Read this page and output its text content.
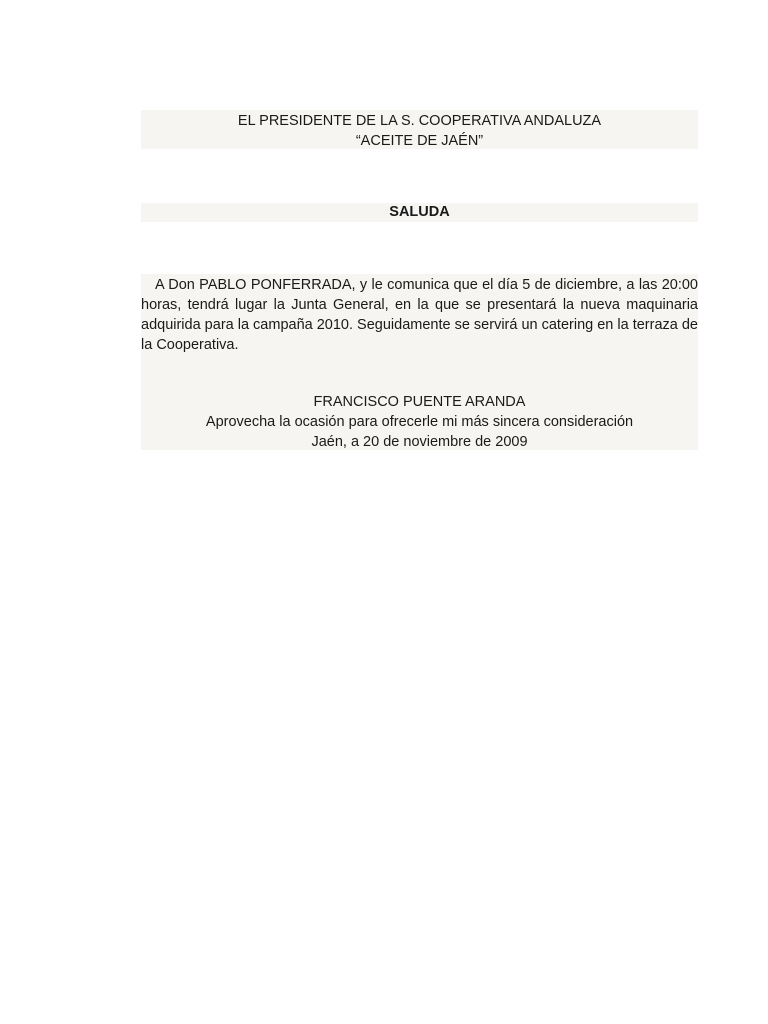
EL PRESIDENTE DE LA S. COOPERATIVA ANDALUZA
“ACEITE DE JAÉN”
SALUDA

A Don PABLO PONFERRADA, y le comunica que el día 5 de diciembre, a las 20:00 horas, tendrá lugar la Junta General, en la que se presentará la nueva maquinaria adquirida para la campaña 2010. Seguidamente se servirá un catering en la terraza de la Cooperativa.

FRANCISCO PUENTE ARANDA
Aprovecha la ocasión para ofrecerle mi más sincera consideración
Jaén, a 20 de noviembre de 2009
